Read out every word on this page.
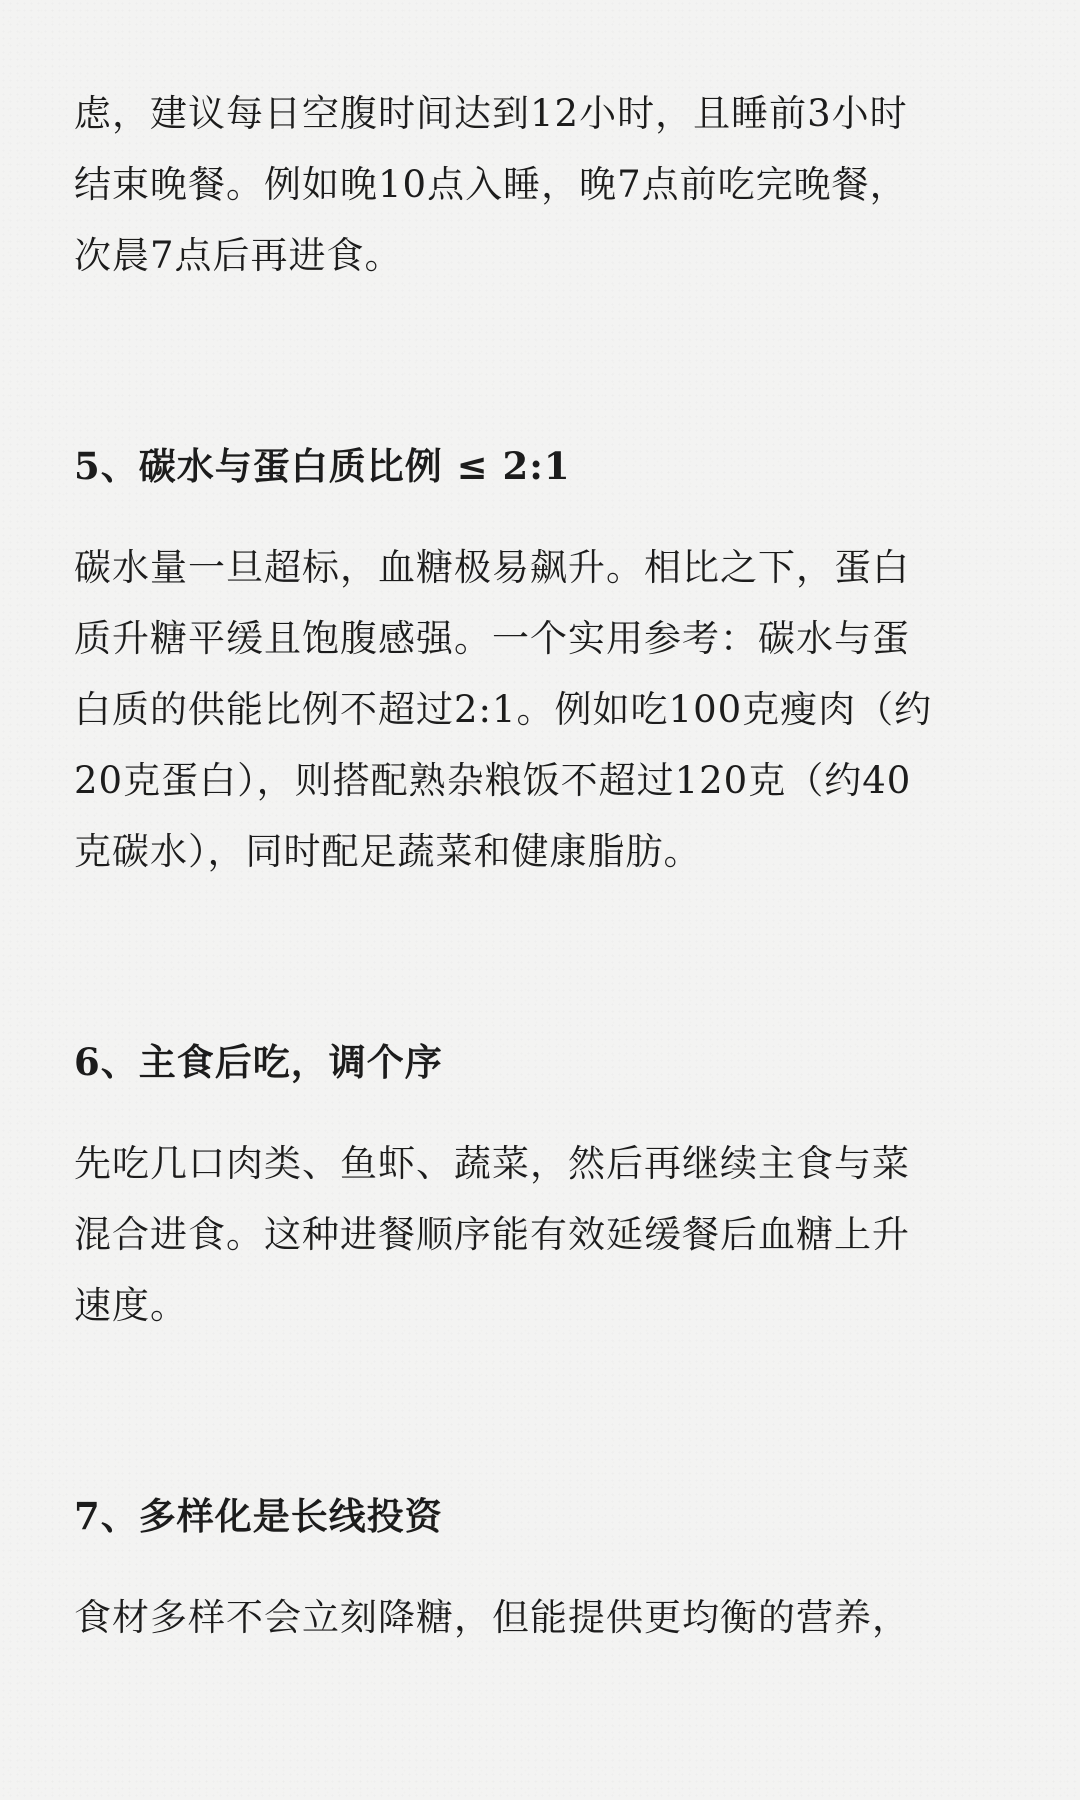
虑，建议每日空腹时间达到12小时，且睡前3小时
结束晚餐。例如晚10点入睡，晚7点前吃完晚餐，
次晨7点后再进食。

5、碳水与蛋白质比例 ≤ 2:1

碳水量一旦超标，血糖极易飙升。相比之下，蛋白
质升糖平缓且饱腹感强。一个实用参考：碳水与蛋
白质的供能比例不超过2:1。例如吃100克瘦肉（约
20克蛋白），则搭配熟杂粮饭不超过120克（约40
克碳水），同时配足蔬菜和健康脂肪。

6、主食后吃，调个序

先吃几口肉类、鱼虾、蔬菜，然后再继续主食与菜
混合进食。这种进餐顺序能有效延缓餐后血糖上升
速度。

7、多样化是长线投资

食材多样不会立刻降糖，但能提供更均衡的营养，
